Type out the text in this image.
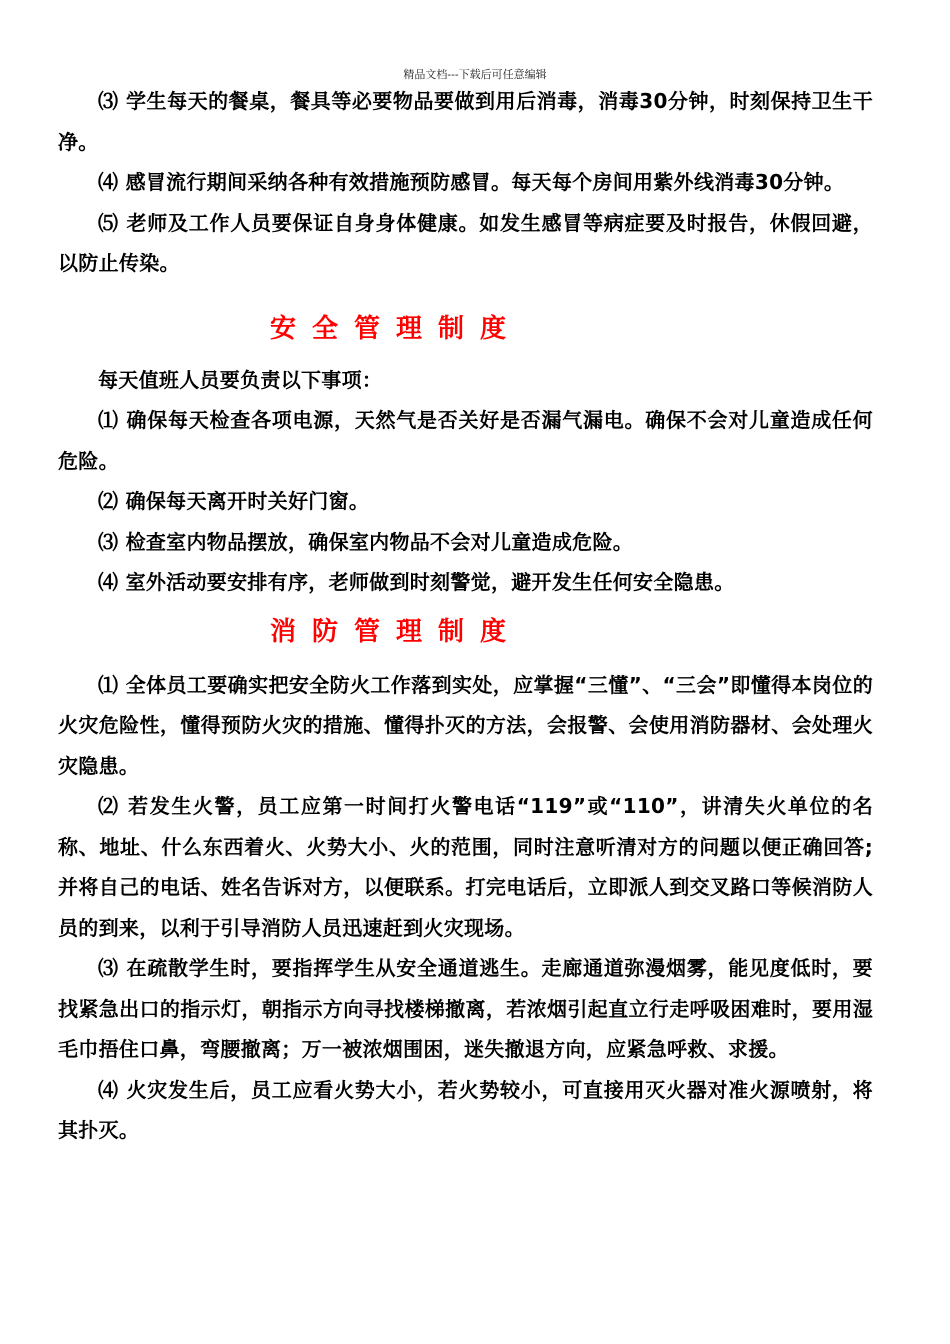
精品文档---下载后可任意编辑

⑶ 学生每天的餐桌，餐具等必要物品要做到用后消毒，消毒30分钟，时刻保持卫生干净。

⑷ 感冒流行期间采纳各种有效措施预防感冒。每天每个房间用紫外线消毒30分钟。

⑸ 老师及工作人员要保证自身身体健康。如发生感冒等病症要及时报告，休假回避，以防止传染。

安全管理制度

每天值班人员要负责以下事项：

⑴ 确保每天检查各项电源，天然气是否关好是否漏气漏电。确保不会对儿童造成任何危险。

⑵ 确保每天离开时关好门窗。

⑶ 检查室内物品摆放，确保室内物品不会对儿童造成危险。

⑷ 室外活动要安排有序，老师做到时刻警觉，避开发生任何安全隐患。

消防管理制度

⑴ 全体员工要确实把安全防火工作落到实处，应掌握“三懂”、“三会”即懂得本岗位的火灾危险性，懂得预防火灾的措施、懂得扑灭的方法，会报警、会使用消防器材、会处理火灾隐患。

⑵ 若发生火警，员工应第一时间打火警电话“119”或“110”，讲清失火单位的名称、地址、什么东西着火、火势大小、火的范围，同时注意听清对方的问题以便正确回答;并将自己的电话、姓名告诉对方，以便联系。打完电话后，立即派人到交叉路口等候消防人员的到来，以利于引导消防人员迅速赶到火灾现场。

⑶ 在疏散学生时，要指挥学生从安全通道逃生。走廊通道弥漫烟雾，能见度低时，要找紧急出口的指示灯，朝指示方向寻找楼梯撤离，若浓烟引起直立行走呼吸困难时，要用湿毛巾捂住口鼻，弯腰撤离；万一被浓烟围困，迷失撤退方向，应紧急呼救、求援。

⑷ 火灾发生后，员工应看火势大小，若火势较小，可直接用灭火器对准火源喷射，将其扑灭。
